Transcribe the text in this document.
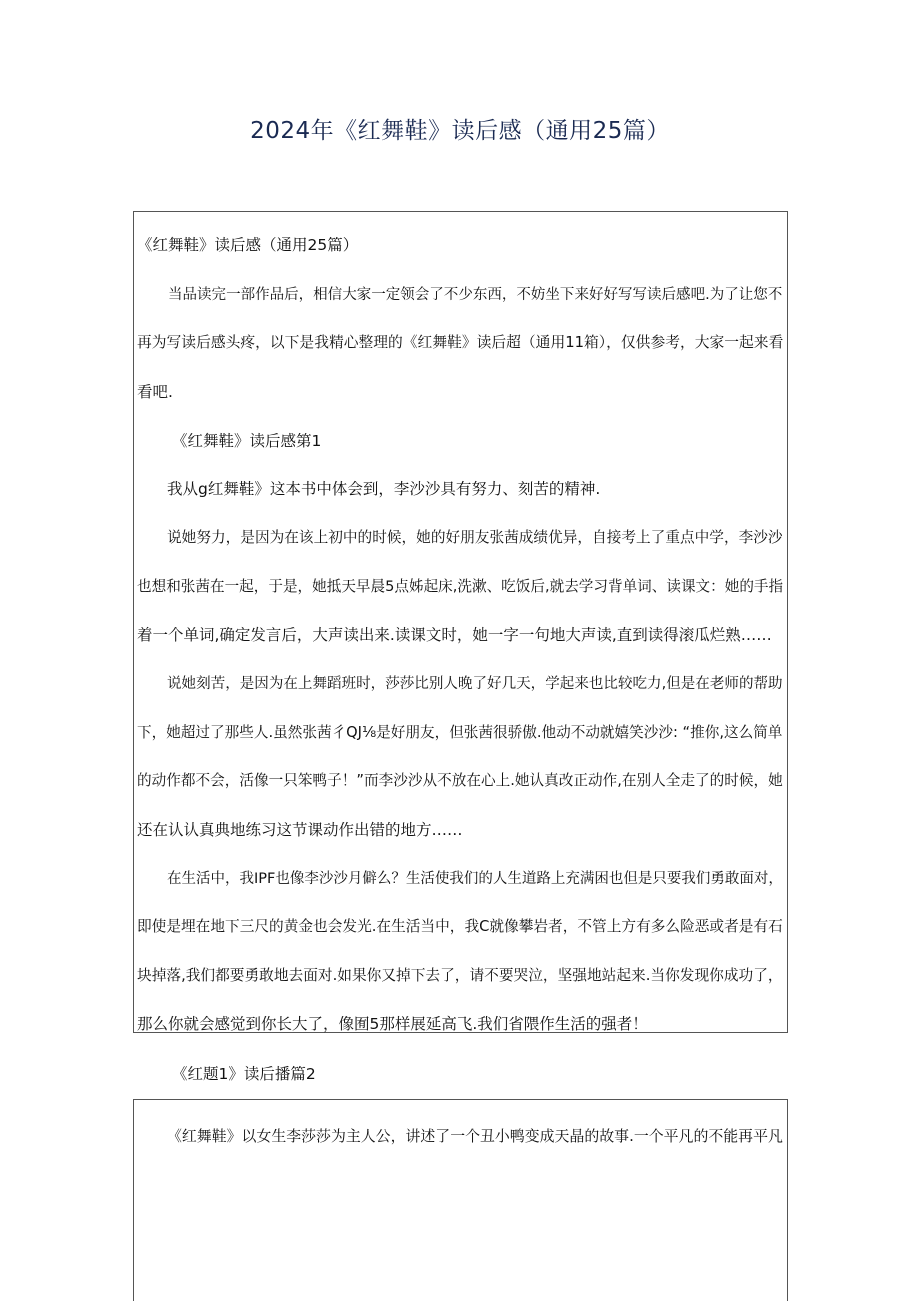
2024年《红舞鞋》读后感（通用25篇）
《红舞鞋》读后感（通用25篇）
当品读完一部作品后，相信大家一定领会了不少东西，不妨坐下来好好写写读后感吧.为了让您不
再为写读后感头疼，以下是我精心整理的《红舞鞋》读后超（通用11箱），仅供参考，大家一起来看
看吧.
《红舞鞋》读后感第1
我从g红舞鞋》这本书中体会到，李沙沙具有努力、刻苦的精神.
说她努力，是因为在该上初中的时候，她的好朋友张茜成绩优异，自接考上了重点中学，李沙沙
也想和张茜在一起，于是，她抵天早晨5点姊起床,洗漱、吃饭后,就去学习背单词、读课文：她的手指
着一个单词,确定发言后，大声读出来.读课文时，她一字一句地大声读,直到读得滚瓜烂熟……
说她刻苦，是因为在上舞蹈班时，莎莎比别人晚了好几天，学起来也比较吃力,但是在老师的帮助
下，她超过了那些人.虽然张茜彳QJ⅛是好朋友，但张茜很骄傲.他动不动就嬉笑沙沙: “推你,这么简单
的动作都不会，活像一只笨鸭子！”而李沙沙从不放在心上.她认真改正动作,在别人全走了的时候，她
还在认认真典地练习这节课动作出错的地方……
在生活中，我IPF也像李沙沙月僻么？生活使我们的人生道路上充满困也但是只要我们勇敢面对，
即使是埋在地下三尺的黄金也会发光.在生活当中，我C就像攀岩者，不管上方有多么险恶或者是有石
块掉落,我们都要勇敢地去面对.如果你又掉下去了，请不要哭泣，坚强地站起来.当你发现你成功了，
那么你就会感觉到你长大了，像囿5那样展延高飞.我们省隈作生活的强者！
《红题1》读后播篇2
《红舞鞋》以女生李莎莎为主人公，讲述了一个丑小鸭变成天晶的故事.一个平凡的不能再平凡
